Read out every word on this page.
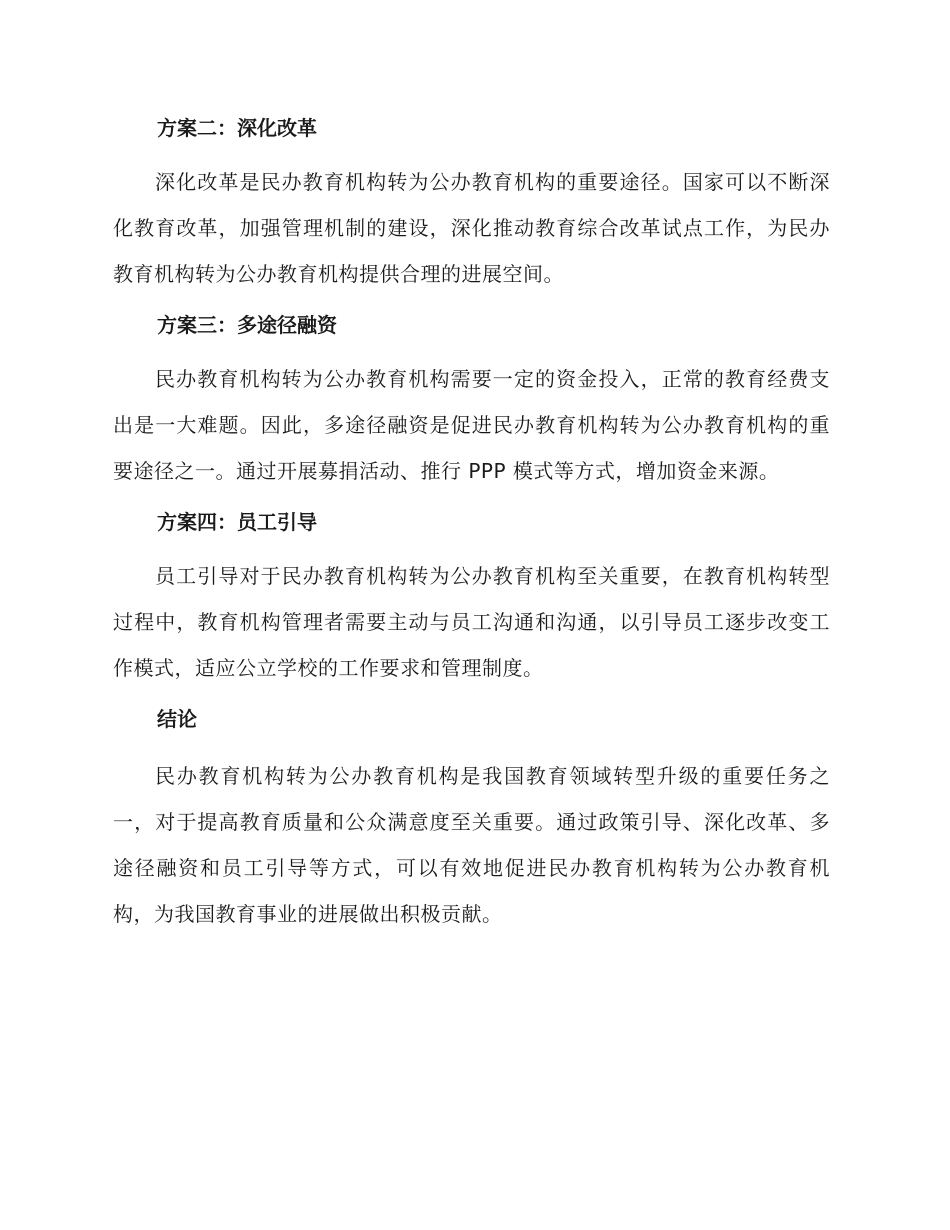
方案二：深化改革

深化改革是民办教育机构转为公办教育机构的重要途径。国家可以不断深化教育改革，加强管理机制的建设，深化推动教育综合改革试点工作，为民办教育机构转为公办教育机构提供合理的进展空间。

方案三：多途径融资

民办教育机构转为公办教育机构需要一定的资金投入，正常的教育经费支出是一大难题。因此，多途径融资是促进民办教育机构转为公办教育机构的重要途径之一。通过开展募捐活动、推行 PPP 模式等方式，增加资金来源。

方案四：员工引导

员工引导对于民办教育机构转为公办教育机构至关重要，在教育机构转型过程中，教育机构管理者需要主动与员工沟通和沟通，以引导员工逐步改变工作模式，适应公立学校的工作要求和管理制度。

结论

民办教育机构转为公办教育机构是我国教育领域转型升级的重要任务之一，对于提高教育质量和公众满意度至关重要。通过政策引导、深化改革、多途径融资和员工引导等方式，可以有效地促进民办教育机构转为公办教育机构，为我国教育事业的进展做出积极贡献。
